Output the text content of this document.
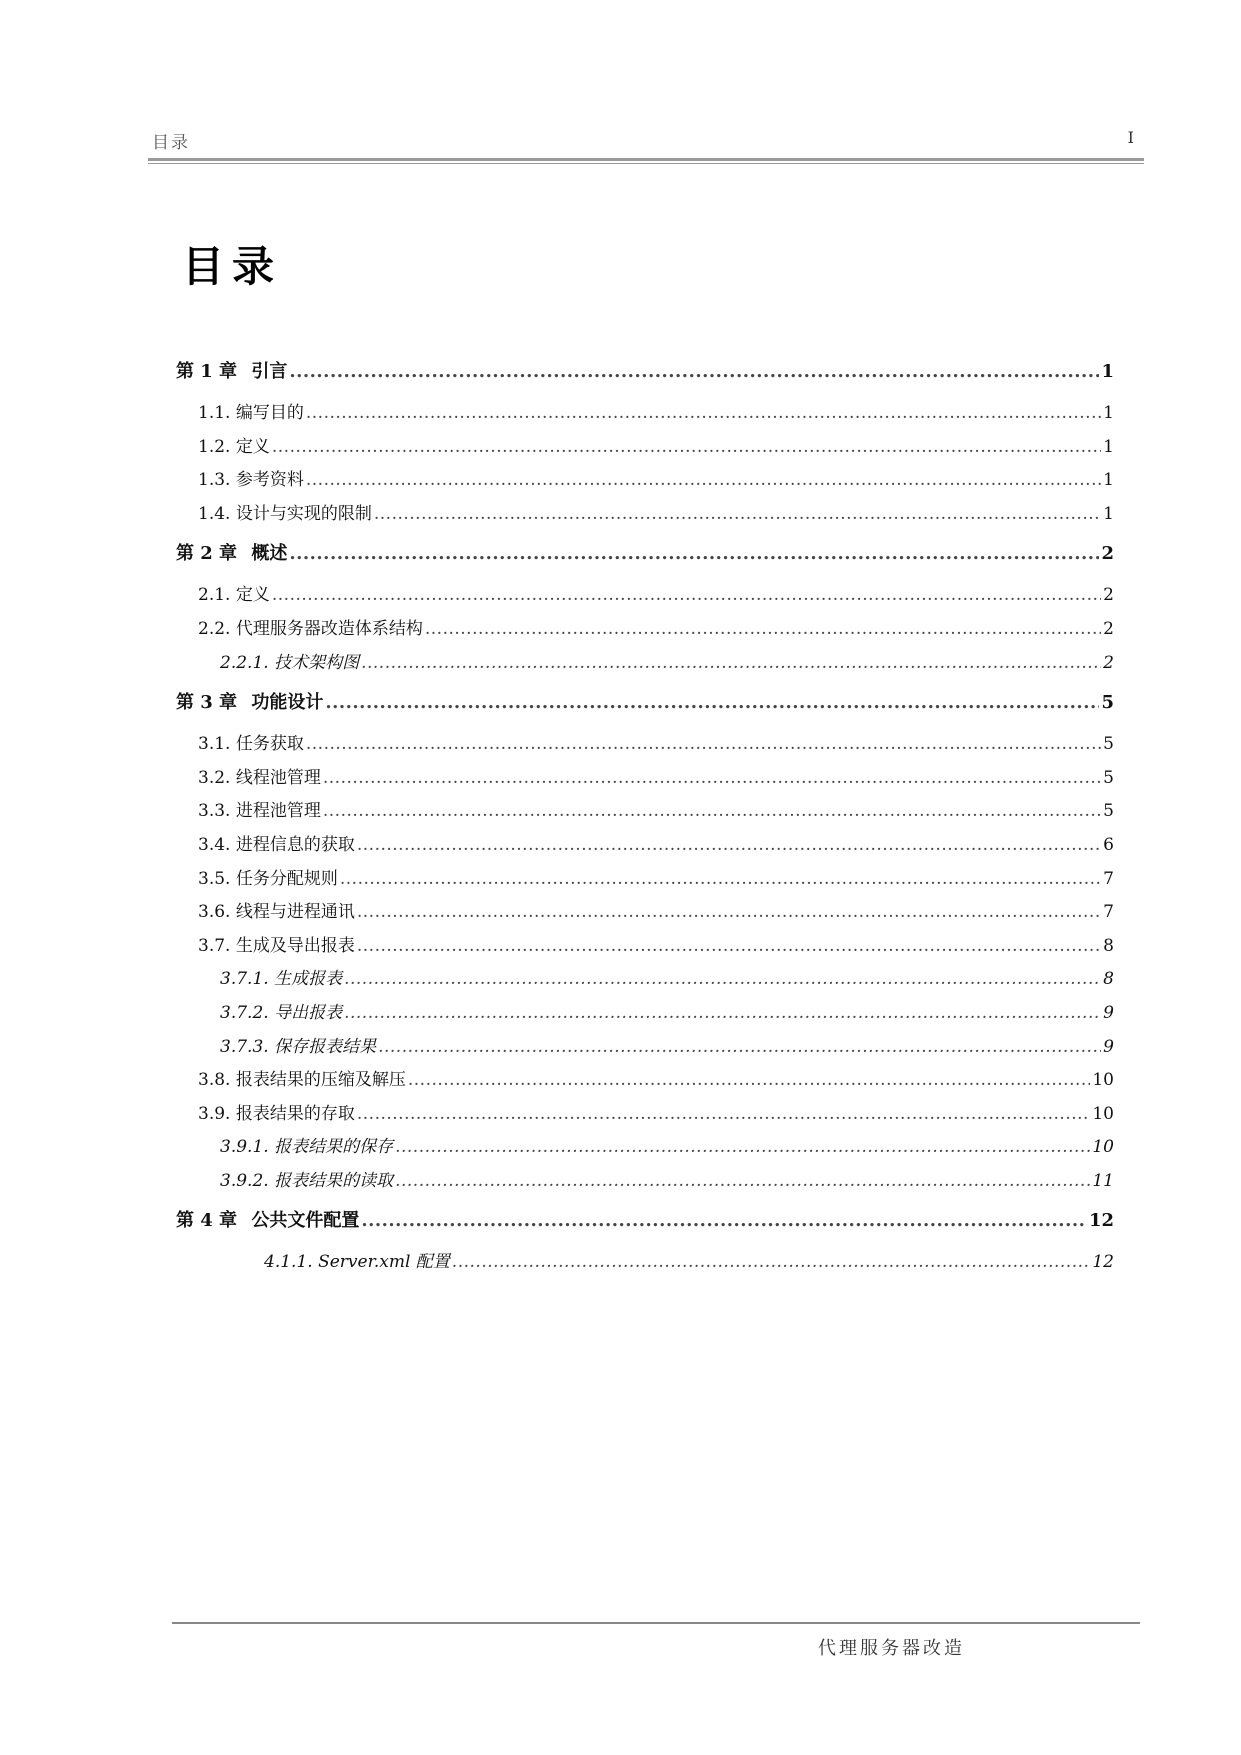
目录	I
目录
第 1 章 引言 .....	1
1.1. 编写目的 .....	1
1.2. 定义 .....	1
1.3. 参考资料 .....	1
1.4. 设计与实现的限制 .....	1
第 2 章 概述 .....	2
2.1. 定义 .....	2
2.2. 代理服务器改造体系结构 .....	2
2.2.1. 技术架构图 .....	2
第 3 章 功能设计 .....	5
3.1. 任务获取 .....	5
3.2. 线程池管理 .....	5
3.3. 进程池管理 .....	5
3.4. 进程信息的获取 .....	6
3.5. 任务分配规则 .....	7
3.6. 线程与进程通讯 .....	7
3.7. 生成及导出报表 .....	8
3.7.1. 生成报表 .....	8
3.7.2. 导出报表 .....	9
3.7.3. 保存报表结果 .....	9
3.8. 报表结果的压缩及解压 .....	10
3.9. 报表结果的存取 .....	10
3.9.1. 报表结果的保存 .....	10
3.9.2. 报表结果的读取 .....	11
第 4 章 公共文件配置 .....	12
4.1.1. Server.xml 配置 .....	12
代理服务器改造
